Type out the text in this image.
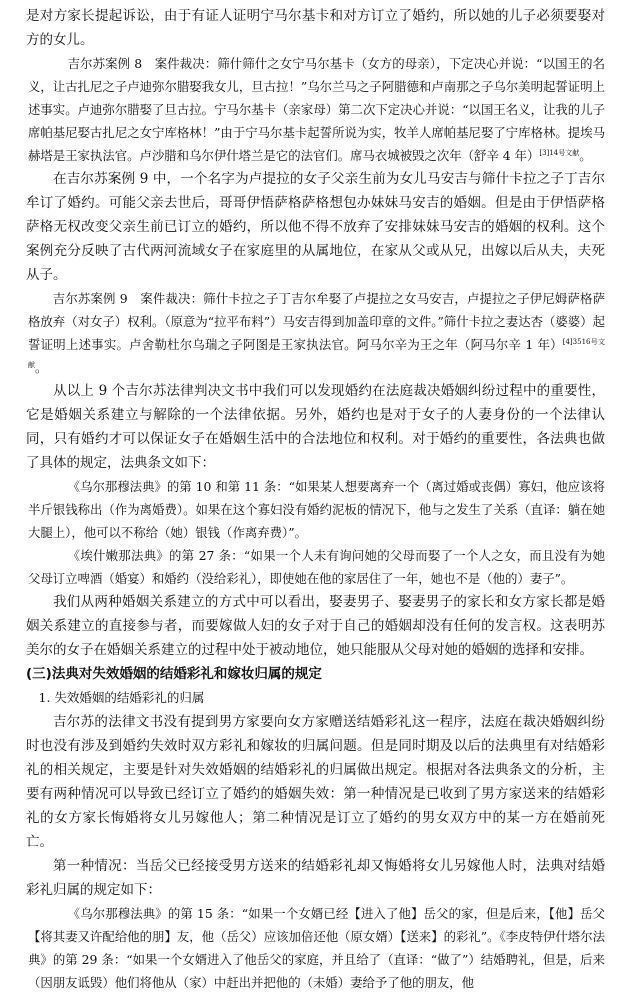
是对方家长提起诉讼，由于有证人证明宁马尔基卡和对方订立了婚约，所以她的儿子必须要娶对方的女儿。

吉尔苏案例 8　案件裁决：筛什筛什之女宁马尔基卡（女方的母亲），下定决心并说：“以国王的名义，让古扎尼之子卢迪弥尔腊娶我女儿，旦古拉！”乌尔兰马之子阿腊德和卢南那之子乌尔美明起誓证明上述事实。卢迪弥尔腊娶了旦古拉。宁马尔基卡（亲家母）第二次下定决心并说：“以国王名义，让我的儿子席帕基尼娶古扎尼之女宁库格林！”由于宁马尔基卡起誓所说为实，牧羊人席帕基尼娶了宁库格林。提埃马赫塔是王家执法官。卢沙腊和乌尔伊什塔兰是它的法官们。席马衣城被毁之次年（舒辛 4 年）$^{[3]14号文献}$。

在吉尔苏案例 9 中，一个名字为卢提拉的女子父亲生前为女儿马安吉与筛什卡拉之子丁吉尔牟订了婚约。可能父亲去世后，哥哥伊悟萨格萨格想包办妹妹马安吉的婚姻。但是由于伊悟萨格萨格无权改变父亲生前已订立的婚约，所以他不得不放弃了安排妹妹马安吉的婚姻的权利。这个案例充分反映了古代两河流域女子在家庭里的从属地位，在家从父或从兄，出嫁以后从夫，夫死从子。

吉尔苏案例 9　案件裁决：筛什卡拉之子丁吉尔牟娶了卢提拉之女马安吉，卢提拉之子伊尼姆萨格萨格放弃（对女子）权利。（原意为“拉平布料”）马安吉得到加盖印章的文件。”筛什卡拉之妻达杏（婆婆）起誓证明上述事实。卢舍勒杜尔乌瑞之子阿图是王家执法官。阿马尔辛为王之年（阿马尔辛 1 年）$^{[4]3516号文献}$。

从以上 9 个吉尔苏法律判决文书中我们可以发现婚约在法庭裁决婚姻纠纷过程中的重要性，它是婚姻关系建立与解除的一个法律依据。另外，婚约也是对于女子的人妻身份的一个法律认同，只有婚约才可以保证女子在婚姻生活中的合法地位和权利。对于婚约的重要性，各法典也做了具体的规定，法典条文如下：

《乌尔那穆法典》的第 10 和第 11 条：“如果某人想要离弃一个（离过婚或丧偶）寡妇，他应该将半斤银钱称出（作为离婚费）。如果在这个寡妇没有婚约泥板的情况下，他与之发生了关系（直译：躺在她大腿上），他可以不称给（她）银钱（作离弃费）”。

《埃什嫩那法典》的第 27 条：“如果一个人未有询问她的父母而娶了一个人之女，而且没有为她父母订立啤酒（婚宴）和婚约（没给彩礼），即使她在他的家居住了一年，她也不是（他的）妻子”。

我们从两种婚姻关系建立的方式中可以看出，娶妻男子、娶妻男子的家长和女方家长都是婚姻关系建立的直接参与者，而要嫁做人妇的女子对于自己的婚姻却没有任何的发言权。这表明苏美尔的女子在婚姻关系建立的过程中处于被动地位，她只能服从父母对她的婚姻的选择和安排。

(三)法典对失效婚姻的结婚彩礼和嫁妆归属的规定

1. 失效婚姻的结婚彩礼的归属

吉尔苏的法律文书没有提到男方家要向女方家赠送结婚彩礼这一程序，法庭在裁决婚姻纠纷时也没有涉及到婚约失效时双方彩礼和嫁妆的归属问题。但是同时期及以后的法典里有对结婚彩礼的相关规定，主要是针对失效婚姻的结婚彩礼的归属做出规定。根据对各法典条文的分析，主要有两种情况可以导致已经订立了婚约的婚姻失效：第一种情况是已收到了男方家送来的结婚彩礼的女方家长悔婚将女儿另嫁他人；第二种情况是订立了婚约的男女双方中的某一方在婚前死亡。

第一种情况：当岳父已经接受男方送来的结婚彩礼却又悔婚将女儿另嫁他人时，法典对结婚彩礼归属的规定如下：

《乌尔那穆法典》的第 15 条：“如果一个女婿已经【进入了他】岳父的家，但是后来，【他】岳父【将其妻又许配给他的朋】友，他（岳父）应该加倍还他（原女婿）【送来】的彩礼”。《李皮特伊什塔尔法典》的第 29 条：“如果一个女婿进入了他岳父的家庭，并且给了（直译：“做了”）结婚聘礼，但是，后来（因朋友诋毁）他们将他从（家）中赶出并把他的（未婚）妻给予了他的朋友，他
